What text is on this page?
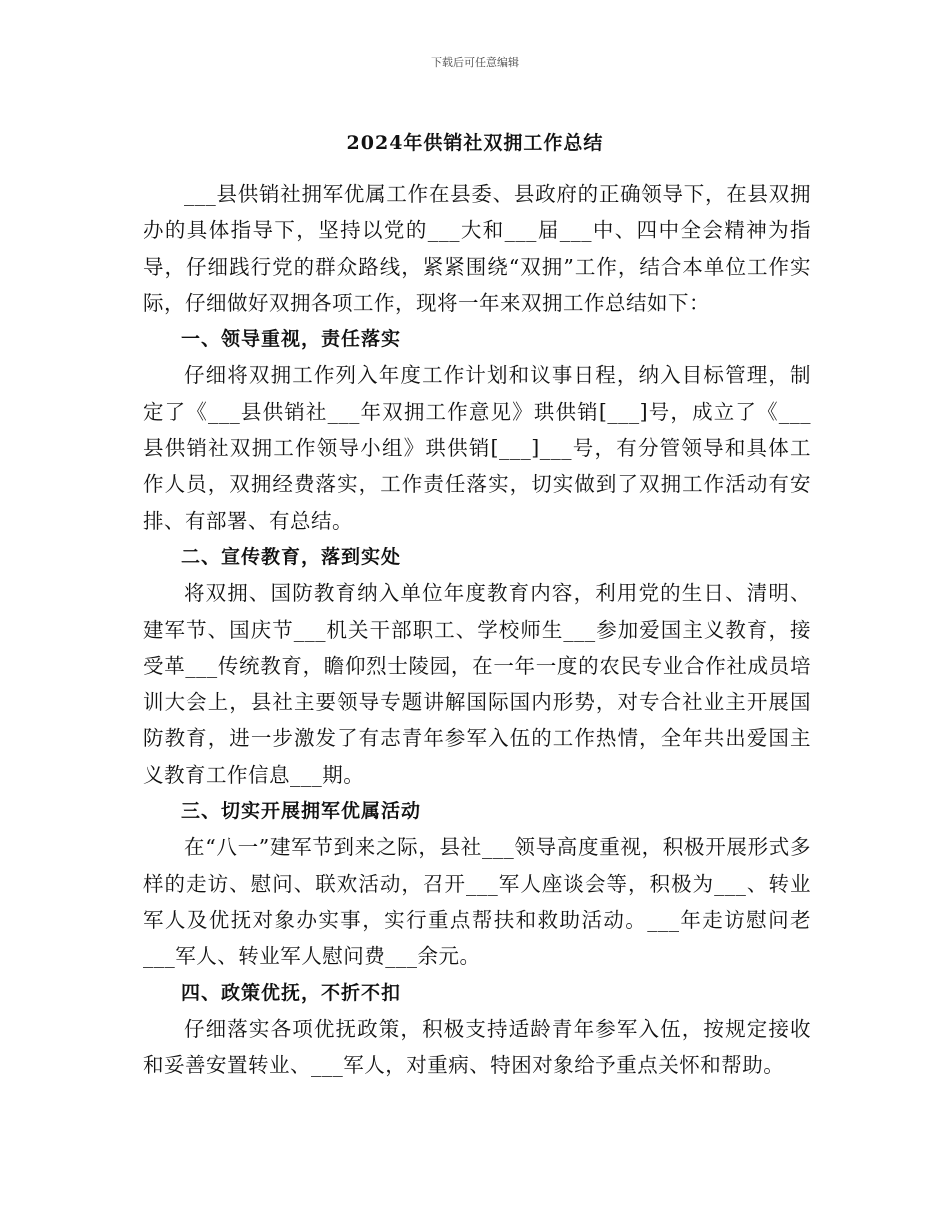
下载后可任意编辑
2024年供销社双拥工作总结

___县供销社拥军优属工作在县委、县政府的正确领导下，在县双拥办的具体指导下，坚持以党的___大和___届___中、四中全会精神为指导，仔细践行党的群众路线，紧紧围绕“双拥”工作，结合本单位工作实际，仔细做好双拥各项工作，现将一年来双拥工作总结如下：

一、领导重视，责任落实

仔细将双拥工作列入年度工作计划和议事日程，纳入目标管理，制定了《___县供销社___年双拥工作意见》珙供销[___]号，成立了《___县供销社双拥工作领导小组》珙供销[___]___号，有分管领导和具体工作人员，双拥经费落实，工作责任落实，切实做到了双拥工作活动有安排、有部署、有总结。

二、宣传教育，落到实处

将双拥、国防教育纳入单位年度教育内容，利用党的生日、清明、建军节、国庆节___机关干部职工、学校师生___参加爱国主义教育，接受革___传统教育，瞻仰烈士陵园，在一年一度的农民专业合作社成员培训大会上，县社主要领导专题讲解国际国内形势，对专合社业主开展国防教育，进一步激发了有志青年参军入伍的工作热情，全年共出爱国主义教育工作信息___期。

三、切实开展拥军优属活动

在“八一”建军节到来之际，县社___领导高度重视，积极开展形式多样的走访、慰问、联欢活动，召开___军人座谈会等，积极为___、转业军人及优抚对象办实事，实行重点帮扶和救助活动。___年走访慰问老___军人、转业军人慰问费___余元。

四、政策优抚，不折不扣

仔细落实各项优抚政策，积极支持适龄青年参军入伍，按规定接收和妥善安置转业、___军人，对重病、特困对象给予重点关怀和帮助。
